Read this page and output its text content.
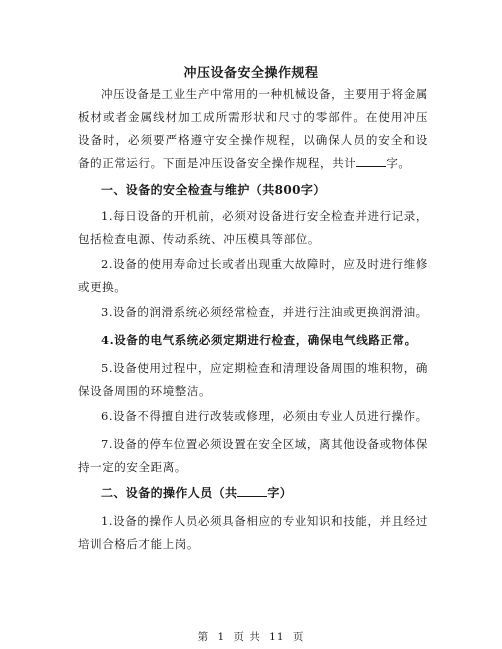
冲压设备安全操作规程

冲压设备是工业生产中常用的一种机械设备，主要用于将金属板材或者金属线材加工成所需形状和尺寸的零部件。在使用冲压设备时，必须要严格遵守安全操作规程，以确保人员的安全和设备的正常运行。下面是冲压设备安全操作规程，共计	字。

一、设备的安全检查与维护（共800字）

1.每日设备的开机前，必须对设备进行安全检查并进行记录，包括检查电源、传动系统、冲压模具等部位。

2.设备的使用寿命过长或者出现重大故障时，应及时进行维修或更换。

3.设备的润滑系统必须经常检查，并进行注油或更换润滑油。

4.设备的电气系统必须定期进行检查，确保电气线路正常。

5.设备使用过程中，应定期检查和清理设备周围的堆积物，确保设备周围的环境整洁。

6.设备不得擅自进行改装或修理，必须由专业人员进行操作。

7.设备的停车位置必须设置在安全区域，离其他设备或物体保持一定的安全距离。

二、设备的操作人员（共	字）

1.设备的操作人员必须具备相应的专业知识和技能，并且经过培训合格后才能上岗。

第 1 页 共 11 页
